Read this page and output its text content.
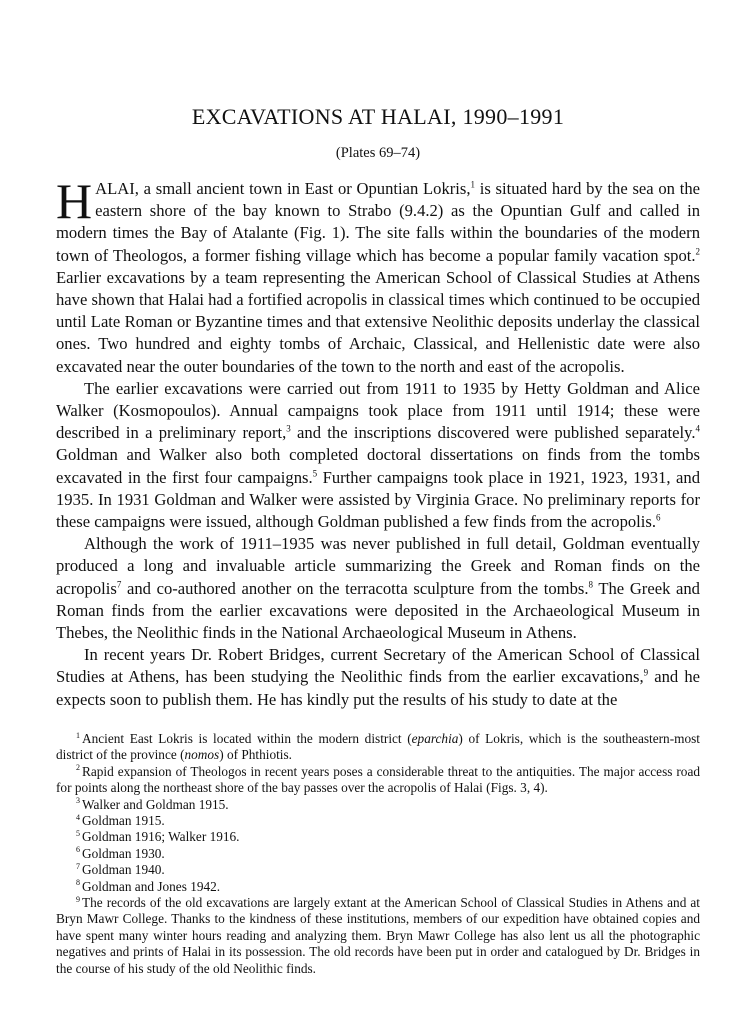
EXCAVATIONS AT HALAI, 1990–1991
(Plates 69–74)

HALAI, a small ancient town in East or Opuntian Lokris,$^1$ is situated hard by the sea on the eastern shore of the bay known to Strabo (9.4.2) as the Opuntian Gulf and called in modern times the Bay of Atalante (Fig. 1). The site falls within the boundaries of the modern town of Theologos, a former fishing village which has become a popular family vacation spot.$^2$ Earlier excavations by a team representing the American School of Classical Studies at Athens have shown that Halai had a fortified acropolis in classical times which continued to be occupied until Late Roman or Byzantine times and that extensive Neolithic deposits underlay the classical ones. Two hundred and eighty tombs of Archaic, Classical, and Hellenistic date were also excavated near the outer boundaries of the town to the north and east of the acropolis.

The earlier excavations were carried out from 1911 to 1935 by Hetty Goldman and Alice Walker (Kosmopoulos). Annual campaigns took place from 1911 until 1914; these were described in a preliminary report,$^3$ and the inscriptions discovered were published separately.$^4$ Goldman and Walker also both completed doctoral dissertations on finds from the tombs excavated in the first four campaigns.$^5$ Further campaigns took place in 1921, 1923, 1931, and 1935. In 1931 Goldman and Walker were assisted by Virginia Grace. No preliminary reports for these campaigns were issued, although Goldman published a few finds from the acropolis.$^6$

Although the work of 1911–1935 was never published in full detail, Goldman eventually produced a long and invaluable article summarizing the Greek and Roman finds on the acropolis$^7$ and co-authored another on the terracotta sculpture from the tombs.$^8$ The Greek and Roman finds from the earlier excavations were deposited in the Archaeological Museum in Thebes, the Neolithic finds in the National Archaeological Museum in Athens.

In recent years Dr. Robert Bridges, current Secretary of the American School of Classical Studies at Athens, has been studying the Neolithic finds from the earlier excavations,$^9$ and he expects soon to publish them. He has kindly put the results of his study to date at the

$^1$ Ancient East Lokris is located within the modern district (eparchia) of Lokris, which is the southeastern-most district of the province (nomos) of Phthiotis.

$^2$ Rapid expansion of Theologos in recent years poses a considerable threat to the antiquities. The major access road for points along the northeast shore of the bay passes over the acropolis of Halai (Figs. 3, 4).

$^3$ Walker and Goldman 1915.

$^4$ Goldman 1915.

$^5$ Goldman 1916; Walker 1916.

$^6$ Goldman 1930.

$^7$ Goldman 1940.

$^8$ Goldman and Jones 1942.

$^9$ The records of the old excavations are largely extant at the American School of Classical Studies in Athens and at Bryn Mawr College. Thanks to the kindness of these institutions, members of our expedition have obtained copies and have spent many winter hours reading and analyzing them. Bryn Mawr College has also lent us all the photographic negatives and prints of Halai in its possession. The old records have been put in order and catalogued by Dr. Bridges in the course of his study of the old Neolithic finds.
